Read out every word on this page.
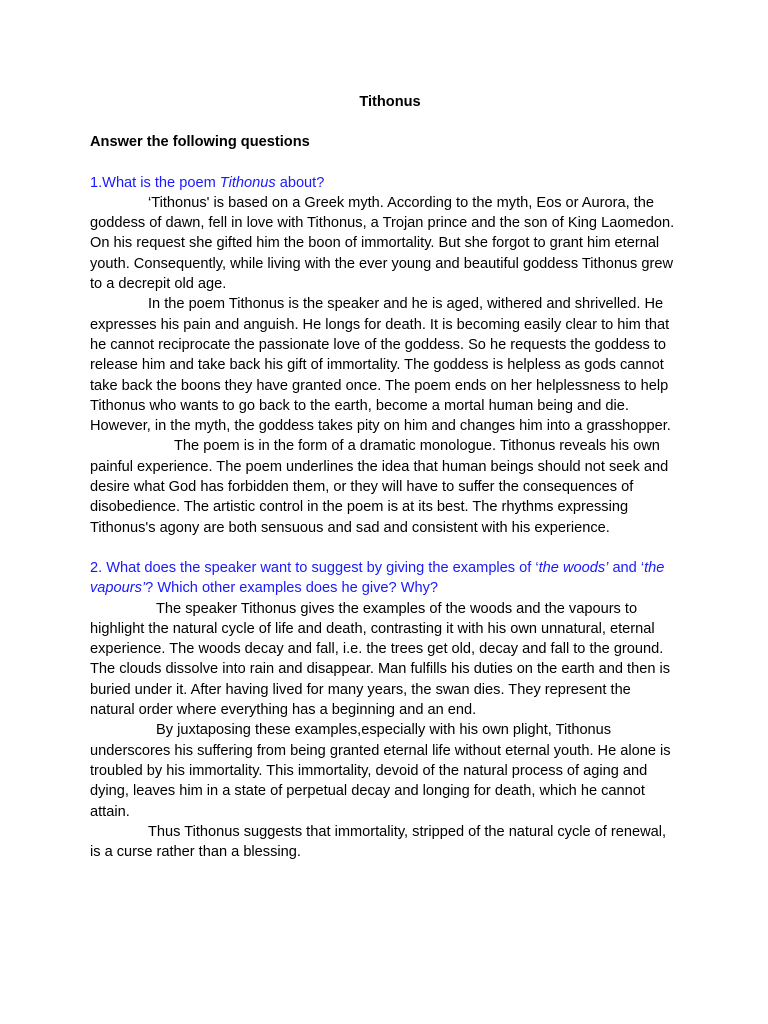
Tithonus
Answer the following questions
1.What is the poem Tithonus about?

‘Tithonus' is based on a Greek myth. According to the myth, Eos or Aurora, the goddess of dawn, fell in love with Tithonus, a Trojan prince and the son of King Laomedon. On his request she gifted him the boon of immortality. But she forgot to grant him eternal youth. Consequently, while living with the ever young and beautiful goddess Tithonus grew to a decrepit old age.

In the poem Tithonus is the speaker and he is aged, withered and shrivelled. He expresses his pain and anguish. He longs for death. It is becoming easily clear to him that he cannot reciprocate the passionate love of the goddess. So he requests the goddess to release him and take back his gift of immortality. The goddess is helpless as gods cannot take back the boons they have granted once. The poem ends on her helplessness to help Tithonus who wants to go back to the earth, become a mortal human being and die. However, in the myth, the goddess takes pity on him and changes him into a grasshopper.

The poem is in the form of a dramatic monologue. Tithonus reveals his own painful experience. The poem underlines the idea that human beings should not seek and desire what God has forbidden them, or they will have to suffer the consequences of disobedience. The artistic control in the poem is at its best. The rhythms expressing Tithonus's agony are both sensuous and sad and consistent with his experience.

2. What does the speaker want to suggest by giving the examples of ‘the woods’ and ‘the vapours’? Which other examples does he give? Why?

The speaker Tithonus gives the examples of the woods and the vapours to highlight the natural cycle of life and death, contrasting it with his own unnatural, eternal experience. The woods decay and fall, i.e. the trees get old, decay and fall to the ground. The clouds dissolve into rain and disappear. Man fulfills his duties on the earth and then is buried under it. After having lived for many years, the swan dies. They represent the natural order where everything has a beginning and an end.

By juxtaposing these examples,especially with his own plight, Tithonus underscores his suffering from being granted eternal life without eternal youth. He alone is troubled by his immortality. This immortality, devoid of the natural process of aging and dying, leaves him in a state of perpetual decay and longing for death, which he cannot attain.

Thus Tithonus suggests that immortality, stripped of the natural cycle of renewal, is a curse rather than a blessing.
